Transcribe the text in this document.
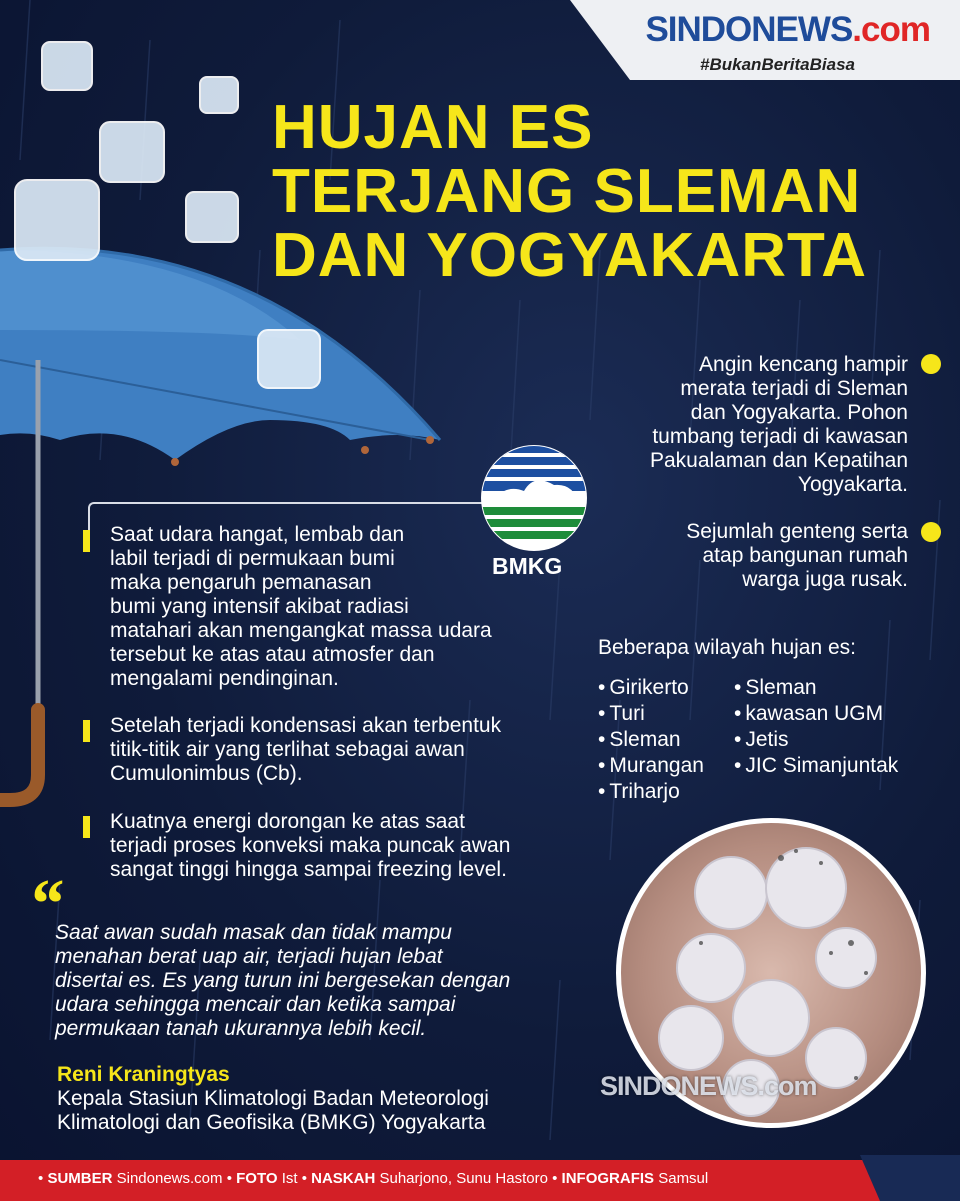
SINDONEWS.com
#BukanBeritaBiasa
HUJAN ES
TERJANG SLEMAN
DAN YOGYAKARTA
Angin kencang hampir
merata terjadi di Sleman
dan Yogyakarta. Pohon
tumbang terjadi di kawasan
Pakualaman dan Kepatihan
Yogyakarta.
Sejumlah genteng serta
atap bangunan rumah
warga juga rusak.
Beberapa wilayah hujan es:
• Girikerto
• Turi
• Sleman
• Murangan
• Triharjo
• Sleman
• kawasan UGM
• Jetis
• JIC Simanjuntak
BMKG
Saat udara hangat, lembab dan
labil terjadi di permukaan bumi
maka pengaruh pemanasan
bumi yang intensif akibat radiasi
matahari akan mengangkat massa udara
tersebut ke atas atau atmosfer dan
mengalami pendinginan.
Setelah terjadi kondensasi akan terbentuk
titik-titik air yang terlihat sebagai awan
Cumulonimbus (Cb).
Kuatnya energi dorongan ke atas saat
terjadi proses konveksi maka puncak awan
sangat tinggi hingga sampai freezing level.
“
Saat awan sudah masak dan tidak mampu
menahan berat uap air, terjadi hujan lebat
disertai es. Es yang turun ini bergesekan dengan
udara sehingga mencair dan ketika sampai
permukaan tanah ukurannya lebih kecil.
Reni Kraningtyas
Kepala Stasiun Klimatologi Badan Meteorologi
Klimatologi dan Geofisika (BMKG) Yogyakarta
SINDONEWS.com
• SUMBER Sindonews.com • FOTO Ist • NASKAH Suharjono, Sunu Hastoro • INFOGRAFIS Samsul
